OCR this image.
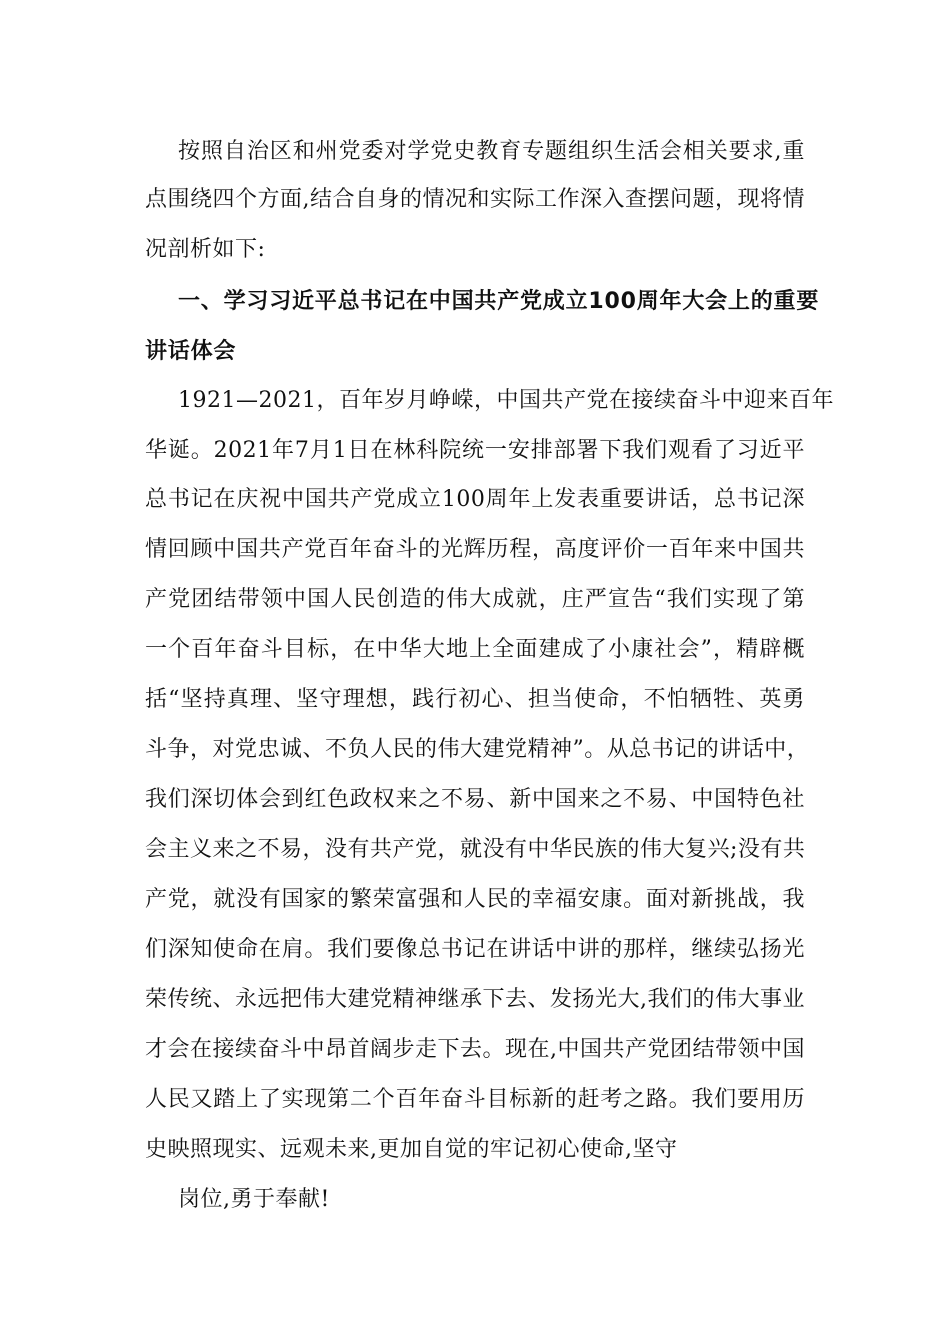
按照自治区和州党委对学党史教育专题组织生活会相关要求,重
点围绕四个方面,结合自身的情况和实际工作深入查摆问题，现将情
况剖析如下:
一、学习习近平总书记在中国共产党成立100周年大会上的重要
讲话体会
1921—2021，百年岁月峥嵘，中国共产党在接续奋斗中迎来百年
华诞。2021年7月1日在林科院统一安排部署下我们观看了习近平
总书记在庆祝中国共产党成立100周年上发表重要讲话，总书记深
情回顾中国共产党百年奋斗的光辉历程，高度评价一百年来中国共
产党团结带领中国人民创造的伟大成就，庄严宣告“我们实现了第
一个百年奋斗目标，在中华大地上全面建成了小康社会”，精辟概
括“坚持真理、坚守理想，践行初心、担当使命，不怕牺牲、英勇
斗争，对党忠诚、不负人民的伟大建党精神”。从总书记的讲话中，
我们深切体会到红色政权来之不易、新中国来之不易、中国特色社
会主义来之不易，没有共产党，就没有中华民族的伟大复兴;没有共
产党，就没有国家的繁荣富强和人民的幸福安康。面对新挑战，我
们深知使命在肩。我们要像总书记在讲话中讲的那样，继续弘扬光
荣传统、永远把伟大建党精神继承下去、发扬光大,我们的伟大事业
才会在接续奋斗中昂首阔步走下去。现在,中国共产党团结带领中国
人民又踏上了实现第二个百年奋斗目标新的赶考之路。我们要用历
史映照现实、远观未来,更加自觉的牢记初心使命,坚守
岗位,勇于奉献!
